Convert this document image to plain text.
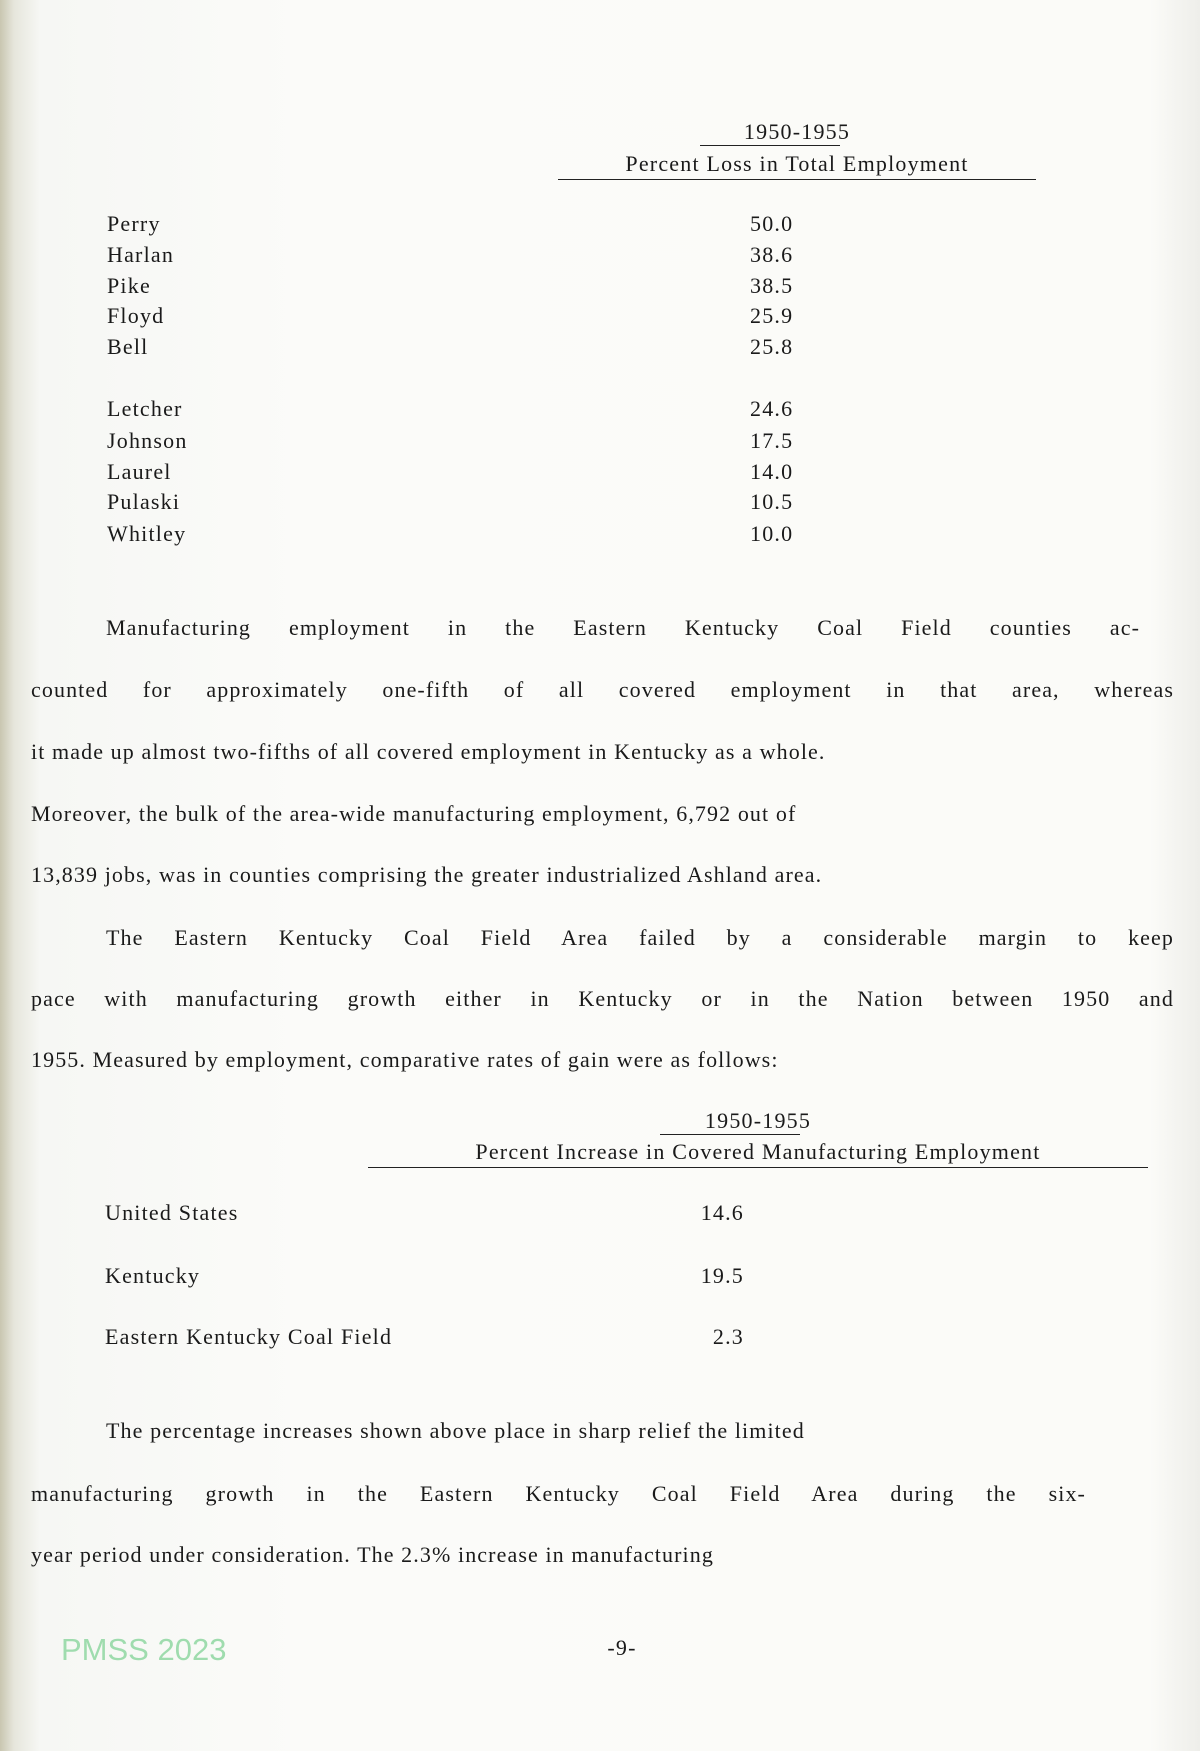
1950-1955
Percent Loss in Total Employment
Perry	50.0
Harlan	38.6
Pike	38.5
Floyd	25.9
Bell	25.8
Letcher	24.6
Johnson	17.5
Laurel	14.0
Pulaski	10.5
Whitley	10.0
Manufacturing employment in the Eastern Kentucky Coal Field counties ac-
counted for approximately one-fifth of all covered employment in that area, whereas
it made up almost two-fifths of all covered employment in Kentucky as a whole.
Moreover, the bulk of the area-wide manufacturing employment, 6,792 out of
13,839 jobs, was in counties comprising the greater industrialized Ashland area.
The Eastern Kentucky Coal Field Area failed by a considerable margin to keep
pace with manufacturing growth either in Kentucky or in the Nation between 1950 and
1955. Measured by employment, comparative rates of gain were as follows:
1950-1955
Percent Increase in Covered Manufacturing Employment
United States	14.6
Kentucky	19.5
Eastern Kentucky Coal Field	2.3
The percentage increases shown above place in sharp relief the limited
manufacturing growth in the Eastern Kentucky Coal Field Area during the six-
year period under consideration. The 2.3% increase in manufacturing
-9-
PMSS 2023
